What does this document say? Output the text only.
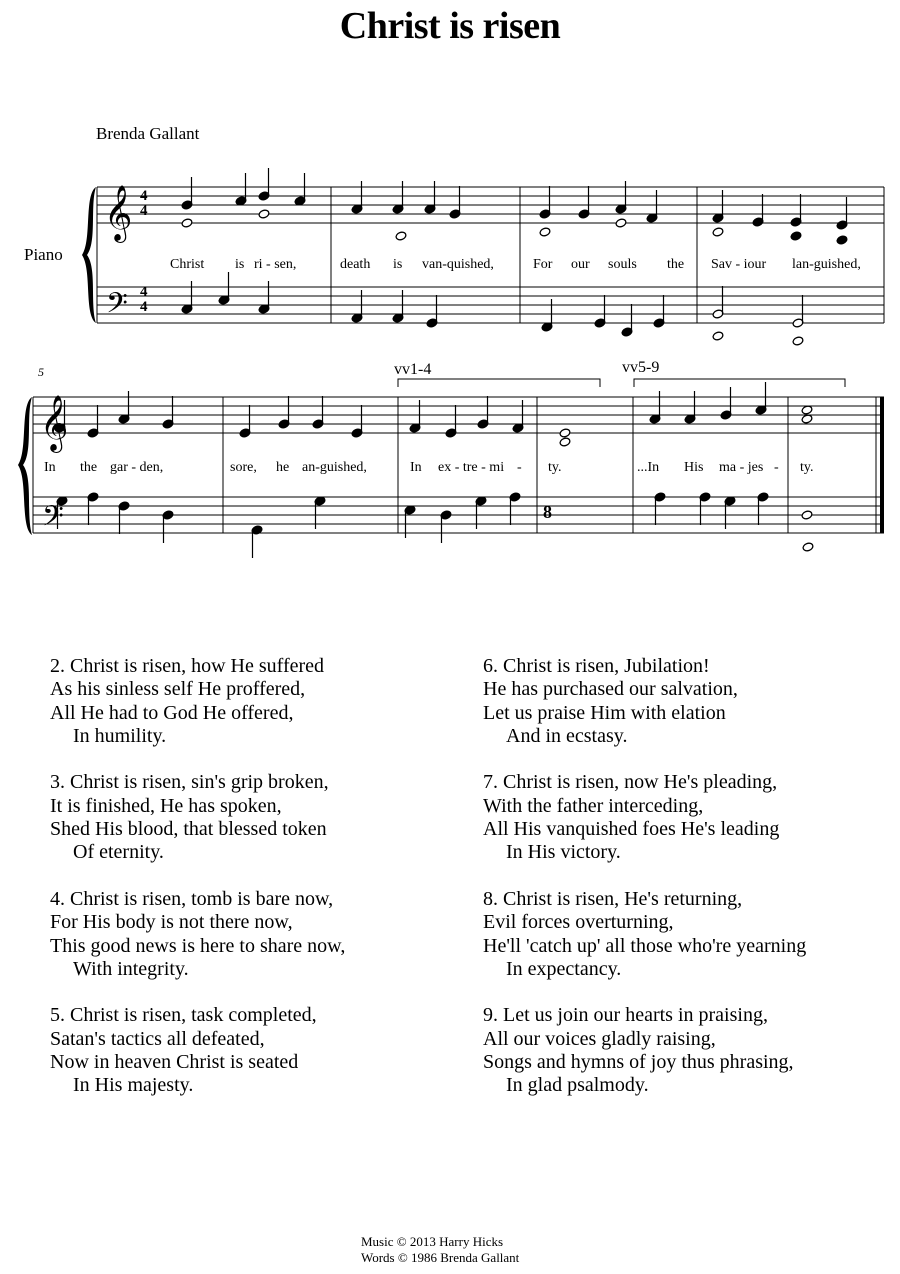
Christ is risen
Brenda Gallant
Piano
𝄞
𝄢
𝄞
𝄢
4
4
4
4
5	vv1-4	vv5-9
8
Christ is ri - sen,	death is van-quished,	For our souls the Sav - iour lan-guished,
In the gar - den,	sore, he an-guished,	In ex - tre - mi - ty.	...In His ma - jes - ty.
2. Christ is risen, how He suffered
As his sinless self He proffered,
All He had to God He offered,
In humility.
3. Christ is risen, sin's grip broken,
It is finished, He has spoken,
Shed His blood, that blessed token
Of eternity.
4. Christ is risen, tomb is bare now,
For His body is not there now,
This good news is here to share now,
With integrity.
5. Christ is risen, task completed,
Satan's tactics all defeated,
Now in heaven Christ is seated
In His majesty.
6. Christ is risen, Jubilation!
He has purchased our salvation,
Let us praise Him with elation
And in ecstasy.
7. Christ is risen, now He's pleading,
With the father interceding,
All His vanquished foes He's leading
In His victory.
8. Christ is risen, He's returning,
Evil forces overturning,
He'll 'catch up' all those who're yearning
In expectancy.
9. Let us join our hearts in praising,
All our voices gladly raising,
Songs and hymns of joy thus phrasing,
In glad psalmody.
Music © 2013 Harry Hicks
Words © 1986 Brenda Gallant
